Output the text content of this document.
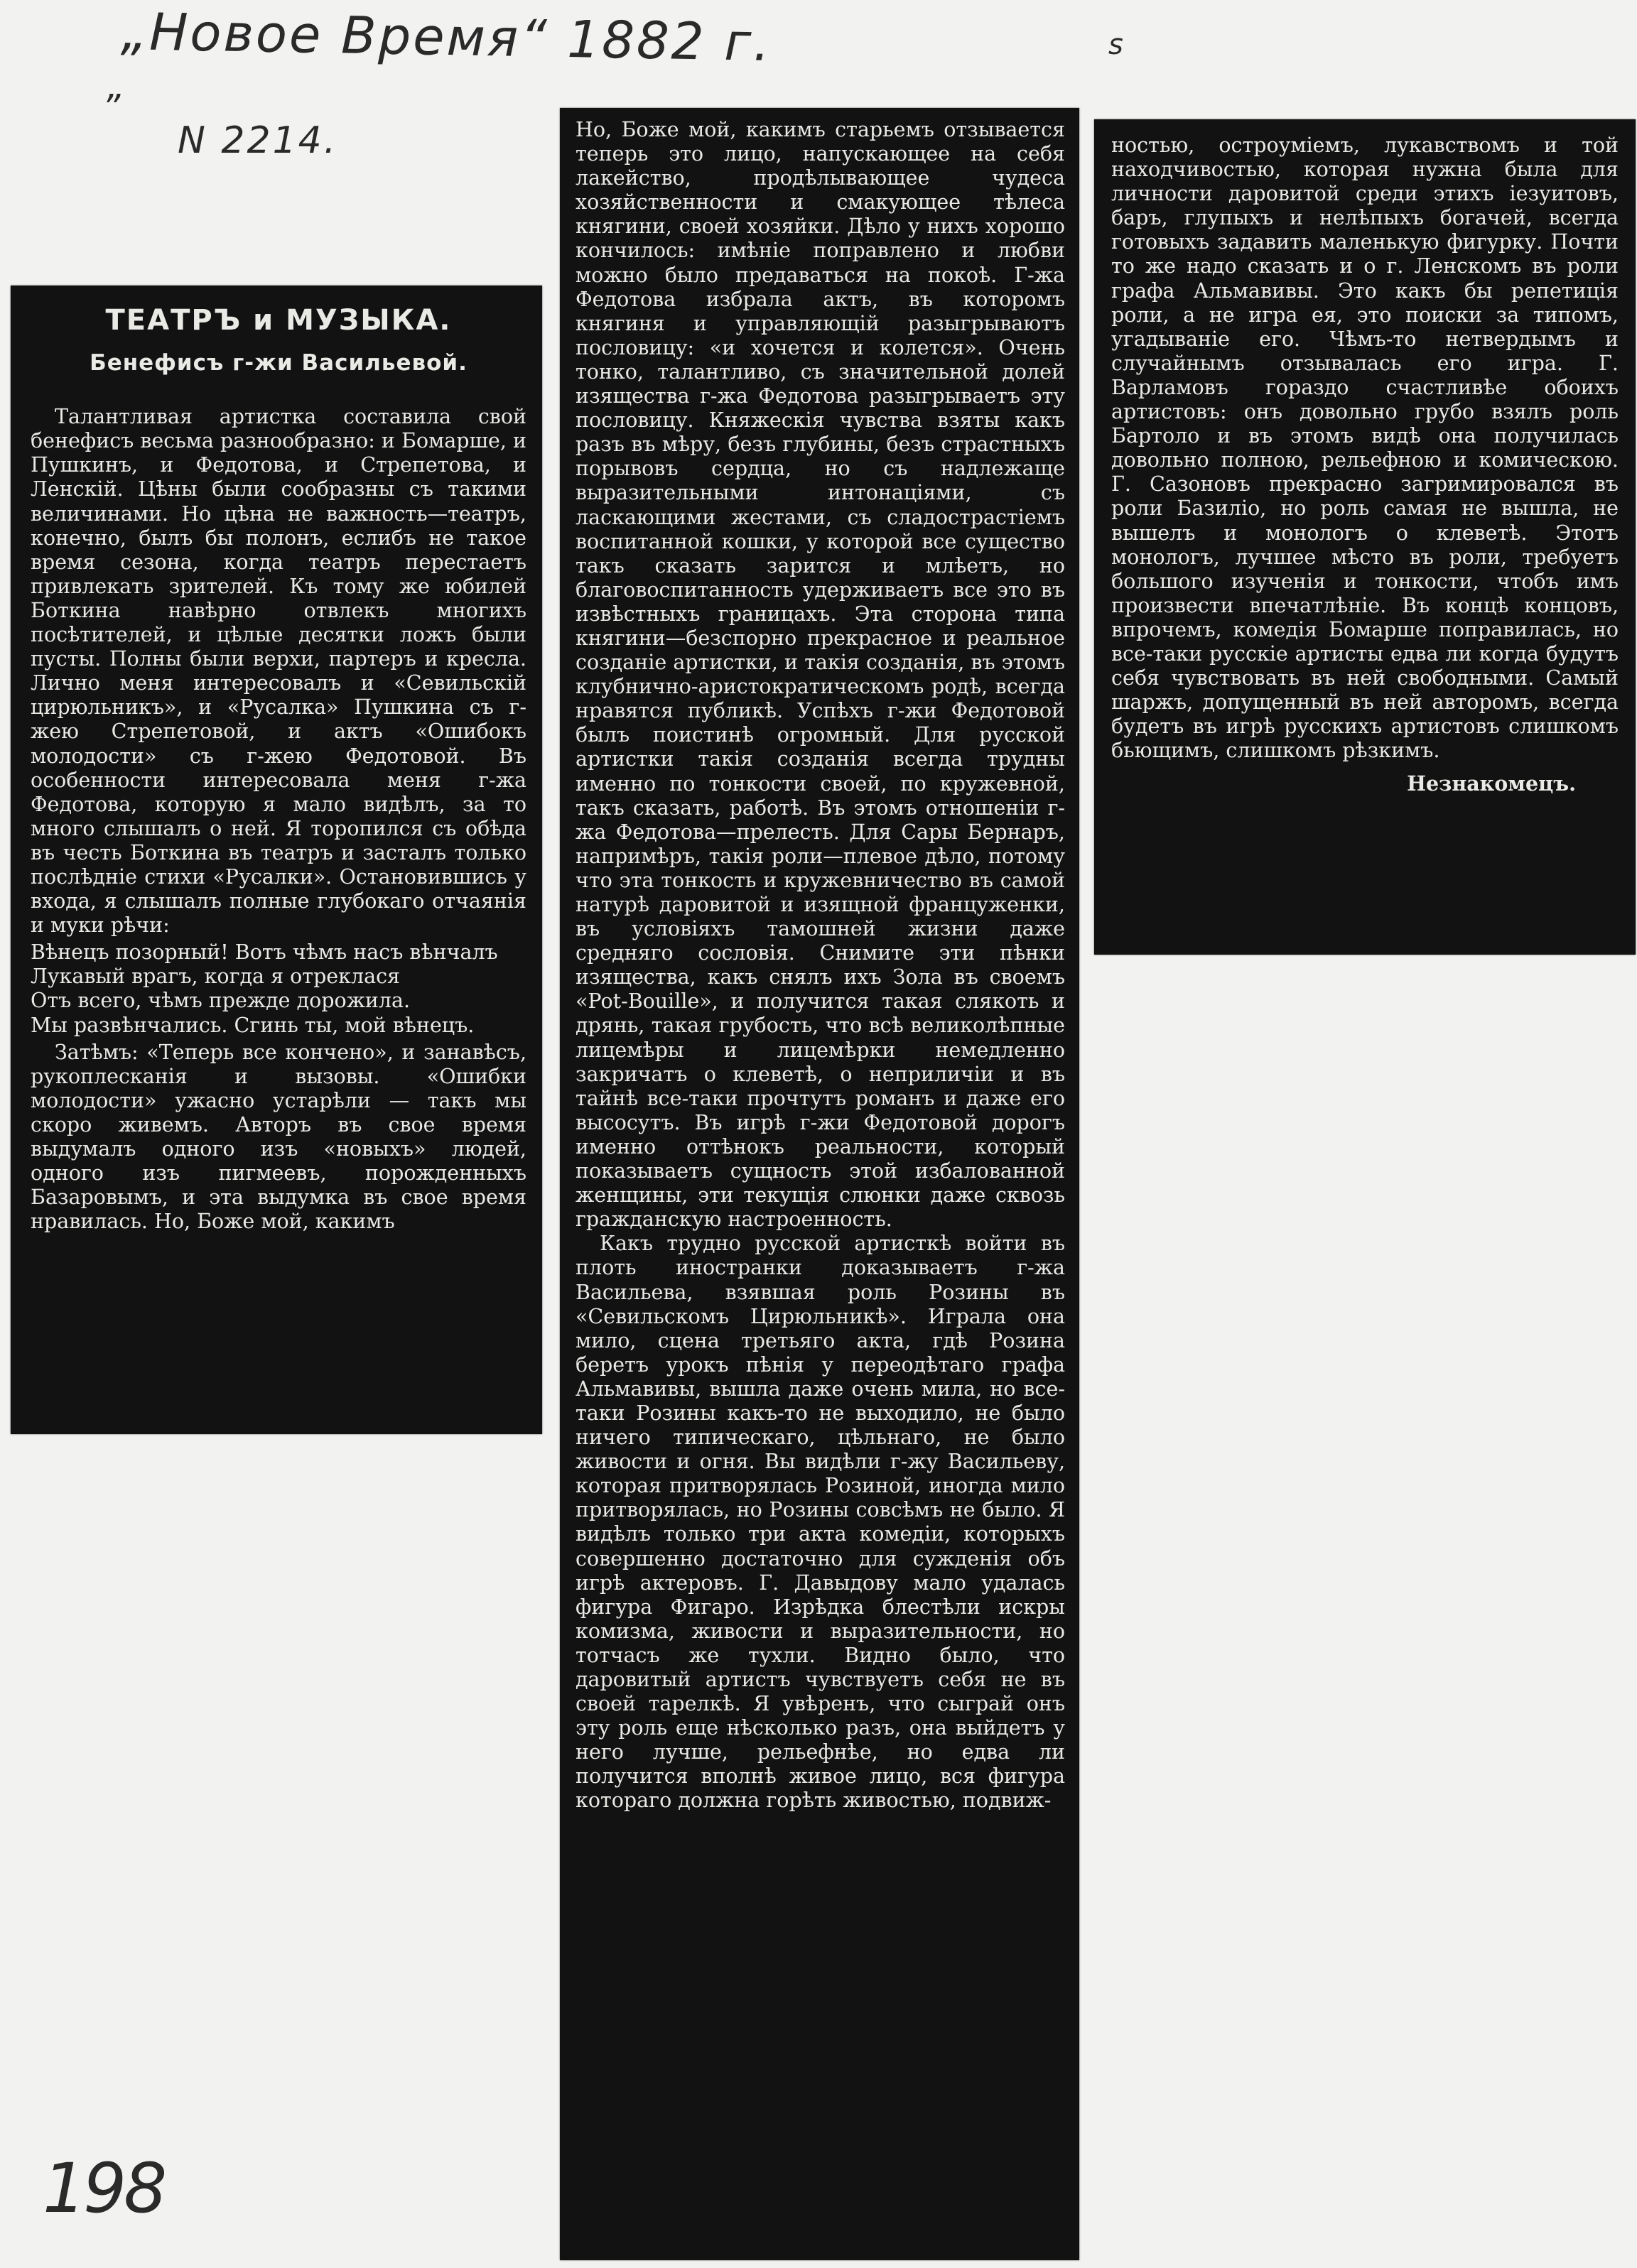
„Новое Время“ 1882 г.
„
ѕ
N 2214.

ТЕАТРЪ и МУЗЫКА.

Бенефисъ г-жи Васильевой.

Талантливая артистка составила свой бенефисъ весьма разнообразно: и Бомарше, и Пушкинъ, и Федотова, и Стрепетова, и Ленскій. Цѣны были сообразны съ такими величинами. Но цѣна не важность—театръ, конечно, былъ бы полонъ, еслибъ не такое время сезона, когда театръ перестаетъ привлекать зрителей. Къ тому же юбилей Боткина навѣрно отвлекъ многихъ посѣтителей, и цѣлые десятки ложъ были пусты. Полны были верхи, партеръ и кресла. Лично меня интересовалъ и «Севильскій цирюльникъ», и «Русалка» Пушкина съ г-жею Стрепетовой, и актъ «Ошибокъ молодости» съ г-жею Федотовой. Въ особенности интересовала меня г-жа Федотова, которую я мало видѣлъ, за то много слышалъ о ней. Я торопился съ обѣда въ честь Боткина въ театръ и засталъ только послѣдніе стихи «Русалки». Остановившись у входа, я слышалъ полные глубокаго отчаянія и муки рѣчи:

Вѣнецъ позорный! Вотъ чѣмъ насъ вѣнчалъ
Лукавый врагъ, когда я отреклася
Отъ всего, чѣмъ прежде дорожила.
Мы развѣнчались. Сгинь ты, мой вѣнецъ.

Затѣмъ: «Теперь все кончено», и занавѣсъ, рукоплесканія и вызовы. «Ошибки молодости» ужасно устарѣли — такъ мы скоро живемъ. Авторъ въ свое время выдумалъ одного изъ «новыхъ» людей, одного изъ пигмеевъ, порожденныхъ Базаровымъ, и эта выдумка въ свое время нравилась. Но, Боже мой, какимъ

Но, Боже мой, какимъ старьемъ отзывается теперь это лицо, напускающее на себя лакейство, продѣлывающее чудеса хозяйственности и смакующее тѣлеса княгини, своей хозяйки. Дѣло у нихъ хорошо кончилось: имѣніе поправлено и любви можно было предаваться на покоѣ. Г-жа Федотова избрала актъ, въ которомъ княгиня и управляющій разыгрываютъ пословицу: «и хочется и колется». Очень тонко, талантливо, съ значительной долей изящества г-жа Федотова разыгрываетъ эту пословицу. Княжескія чувства взяты какъ разъ въ мѣру, безъ глубины, безъ страстныхъ порывовъ сердца, но съ надлежаще выразительными интонаціями, съ ласкающими жестами, съ сладострастіемъ воспитанной кошки, у которой все существо такъ сказать зарится и млѣетъ, но благовоспитанность удерживаетъ все это въ извѣстныхъ границахъ. Эта сторона типа княгини—безспорно прекрасное и реальное созданіе артистки, и такія созданія, въ этомъ клубнично-аристократическомъ родѣ, всегда нравятся публикѣ. Успѣхъ г-жи Федотовой былъ поистинѣ огромный. Для русской артистки такія созданія всегда трудны именно по тонкости своей, по кружевной, такъ сказать, работѣ. Въ этомъ отношеніи г-жа Федотова—прелесть. Для Сары Бернаръ, напримѣръ, такія роли—плевое дѣло, потому что эта тонкость и кружевничество въ самой натурѣ даровитой и изящной француженки, въ условіяхъ тамошней жизни даже средняго сословія. Снимите эти пѣнки изящества, какъ снялъ ихъ Зола въ своемъ «Pot-Bouille», и получится такая слякоть и дрянь, такая грубость, что всѣ великолѣпные лицемѣры и лицемѣрки немедленно закричатъ о клеветѣ, о неприличіи и въ тайнѣ все-таки прочтутъ романъ и даже его высосутъ. Въ игрѣ г-жи Федотовой дорогъ именно оттѣнокъ реальности, который показываетъ сущность этой избалованной женщины, эти текущія слюнки даже сквозь гражданскую настроенность.

Какъ трудно русской артисткѣ войти въ плоть иностранки доказываетъ г-жа Васильева, взявшая роль Розины въ «Севильскомъ Цирюльникѣ». Играла она мило, сцена третьяго акта, гдѣ Розина беретъ урокъ пѣнія у переодѣтаго графа Альмавивы, вышла даже очень мила, но все-таки Розины какъ-то не выходило, не было ничего типическаго, цѣльнаго, не было живости и огня. Вы видѣли г-жу Васильеву, которая притворялась Розиной, иногда мило притворялась, но Розины совсѣмъ не было. Я видѣлъ только три акта комедіи, которыхъ совершенно достаточно для сужденія объ игрѣ актеровъ. Г. Давыдову мало удалась фигура Фигаро. Изрѣдка блестѣли искры комизма, живости и выразительности, но тотчасъ же тухли. Видно было, что даровитый артистъ чувствуетъ себя не въ своей тарелкѣ. Я увѣренъ, что сыграй онъ эту роль еще нѣсколько разъ, она выйдетъ у него лучше, рельефнѣе, но едва ли получится вполнѣ живое лицо, вся фигура котораго должна горѣть живостью, подвиж-

ностью, остроуміемъ, лукавствомъ и той находчивостью, которая нужна была для личности даровитой среди этихъ іезуитовъ, баръ, глупыхъ и нелѣпыхъ богачей, всегда готовыхъ задавить маленькую фигурку. Почти то же надо сказать и о г. Ленскомъ въ роли графа Альмавивы. Это какъ бы репетиція роли, а не игра ея, это поиски за типомъ, угадываніе его. Чѣмъ-то нетвердымъ и случайнымъ отзывалась его игра. Г. Варламовъ гораздо счастливѣе обоихъ артистовъ: онъ довольно грубо взялъ роль Бартоло и въ этомъ видѣ она получилась довольно полною, рельефною и комическою. Г. Сазоновъ прекрасно загримировался въ роли Базиліо, но роль самая не вышла, не вышелъ и монологъ о клеветѣ. Этотъ монологъ, лучшее мѣсто въ роли, требуетъ большого изученія и тонкости, чтобъ имъ произвести впечатлѣніе. Въ концѣ концовъ, впрочемъ, комедія Бомарше поправилась, но все-таки русскіе артисты едва ли когда будутъ себя чувствовать въ ней свободными. Самый шаржъ, допущенный въ ней авторомъ, всегда будетъ въ игрѣ русскихъ артистовъ слишкомъ бьющимъ, слишкомъ рѣзкимъ.

Незнакомецъ.

198
